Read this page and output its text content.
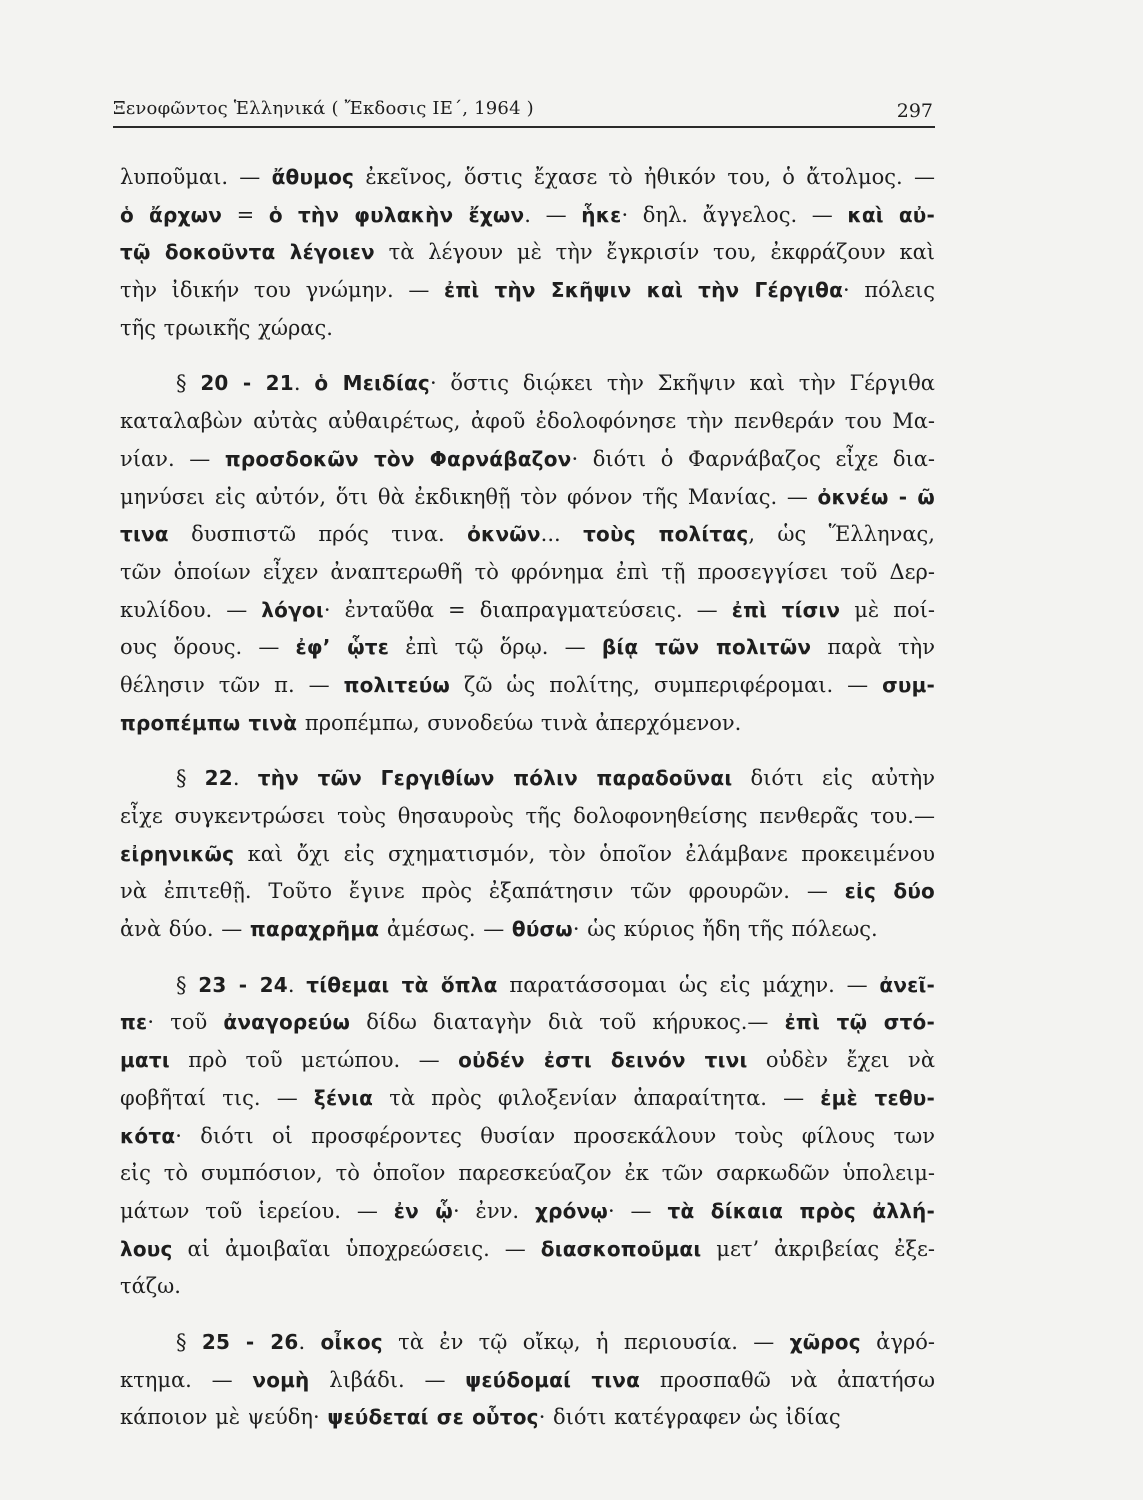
Ξενοφῶντος Ἑλληνικά ( Ἔκδοσις ΙΕ΄, 1964 )	297
λυποῦμαι. — ἄθυμος ἐκεῖνος, ὅστις ἔχασε τὸ ἠθικόν του, ὁ ἄτολμος. —
ὁ ἄρχων = ὁ τὴν φυλακὴν ἔχων. — ἧκε· δηλ. ἄγγελος. — καὶ αὐ-
τῷ δοκοῦντα λέγοιεν τὰ λέγουν μὲ τὴν ἔγκρισίν του, ἐκφράζουν καὶ
τὴν ἰδικήν του γνώμην. — ἐπὶ τὴν Σκῆψιν καὶ τὴν Γέργιθα· πόλεις
τῆς τρωικῆς χώρας.
§ 20 - 21. ὁ Μειδίας· ὅστις διῴκει τὴν Σκῆψιν καὶ τὴν Γέργιθα
καταλαβὼν αὐτὰς αὐθαιρέτως, ἀφοῦ ἐδολοφόνησε τὴν πενθεράν του Μα-
νίαν. — προσδοκῶν τὸν Φαρνάβαζον· διότι ὁ Φαρνάβαζος εἶχε δια-
μηνύσει εἰς αὐτόν, ὅτι θὰ ἐκδικηθῇ τὸν φόνον τῆς Μανίας. — ὀκνέω - ῶ
τινα δυσπιστῶ πρός τινα. ὀκνῶν... τοὺς πολίτας, ὡς Ἕλληνας,
τῶν ὁποίων εἶχεν ἀναπτερωθῆ τὸ φρόνημα ἐπὶ τῇ προσεγγίσει τοῦ Δερ-
κυλίδου. — λόγοι· ἐνταῦθα = διαπραγματεύσεις. — ἐπὶ τίσιν μὲ ποί-
ους ὅρους. — ἐφ’ ᾧτε ἐπὶ τῷ ὅρῳ. — βίᾳ τῶν πολιτῶν παρὰ τὴν
θέλησιν τῶν π. — πολιτεύω ζῶ ὡς πολίτης, συμπεριφέρομαι. — συμ-
προπέμπω τινὰ προπέμπω, συνοδεύω τινὰ ἀπερχόμενον.
§ 22. τὴν τῶν Γεργιθίων πόλιν παραδοῦναι διότι εἰς αὐτὴν
εἶχε συγκεντρώσει τοὺς θησαυροὺς τῆς δολοφονηθείσης πενθερᾶς του.—
εἰρηνικῶς καὶ ὄχι εἰς σχηματισμόν, τὸν ὁποῖον ἐλάμβανε προκειμένου
νὰ ἐπιτεθῇ. Τοῦτο ἔγινε πρὸς ἐξαπάτησιν τῶν φρουρῶν. — εἰς δύο
ἀνὰ δύο. — παραχρῆμα ἀμέσως. — θύσω· ὡς κύριος ἤδη τῆς πόλεως.
§ 23 - 24. τίθεμαι τὰ ὅπλα παρατάσσομαι ὡς εἰς μάχην. — ἀνεῖ-
πε· τοῦ ἀναγορεύω δίδω διαταγὴν διὰ τοῦ κήρυκος.— ἐπὶ τῷ στό-
ματι πρὸ τοῦ μετώπου. — οὐδέν ἐστι δεινόν τινι οὐδὲν ἔχει νὰ
φοβῆταί τις. — ξένια τὰ πρὸς φιλοξενίαν ἀπαραίτητα. — ἐμὲ τεθυ-
κότα· διότι οἱ προσφέροντες θυσίαν προσεκάλουν τοὺς φίλους των
εἰς τὸ συμπόσιον, τὸ ὁποῖον παρεσκεύαζον ἐκ τῶν σαρκωδῶν ὑπολειμ-
μάτων τοῦ ἱερείου. — ἐν ᾧ· ἐνν. χρόνῳ· — τὰ δίκαια πρὸς ἀλλή-
λους αἱ ἀμοιβαῖαι ὑποχρεώσεις. — διασκοποῦμαι μετ’ ἀκριβείας ἐξε-
τάζω.
§ 25 - 26. οἶκος τὰ ἐν τῷ οἴκῳ, ἡ περιουσία. — χῶρος ἀγρό-
κτημα. — νομὴ λιβάδι. — ψεύδομαί τινα προσπαθῶ νὰ ἀπατήσω
κάποιον μὲ ψεύδη· ψεύδεταί σε οὗτος· διότι κατέγραφεν ὡς ἰδίας
